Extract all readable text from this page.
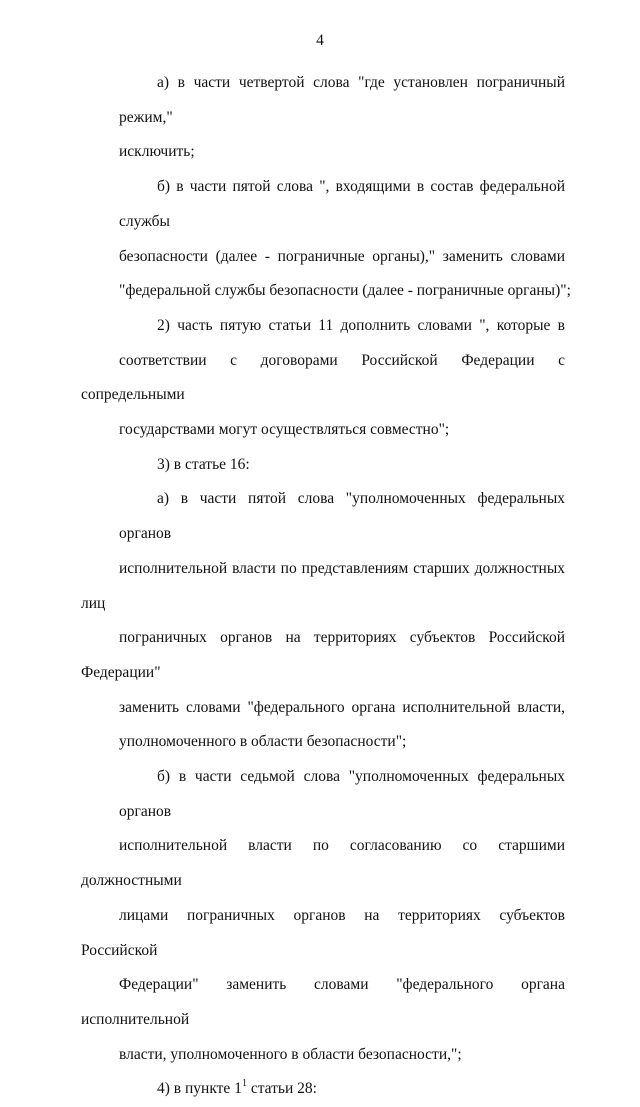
4
а) в части четвертой слова "где установлен пограничный режим,"
исключить;
б) в части пятой слова ", входящими в состав федеральной службы
безопасности (далее - пограничные органы)," заменить словами
"федеральной службы безопасности (далее - пограничные органы)";
2) часть пятую статьи 11 дополнить словами ", которые в
соответствии с договорами Российской Федерации с сопредельными
государствами могут осуществляться совместно";
3) в статье 16:
а) в части пятой слова "уполномоченных федеральных органов
исполнительной власти по представлениям старших должностных лиц
пограничных органов на территориях субъектов Российской Федерации"
заменить словами "федерального органа исполнительной власти,
уполномоченного в области безопасности";
б) в части седьмой слова "уполномоченных федеральных органов
исполнительной власти по согласованию со старшими должностными
лицами пограничных органов на территориях субъектов Российской
Федерации" заменить словами "федерального органа исполнительной
власти, уполномоченного в области безопасности,";
4) в пункте $1^1$ статьи 28:
